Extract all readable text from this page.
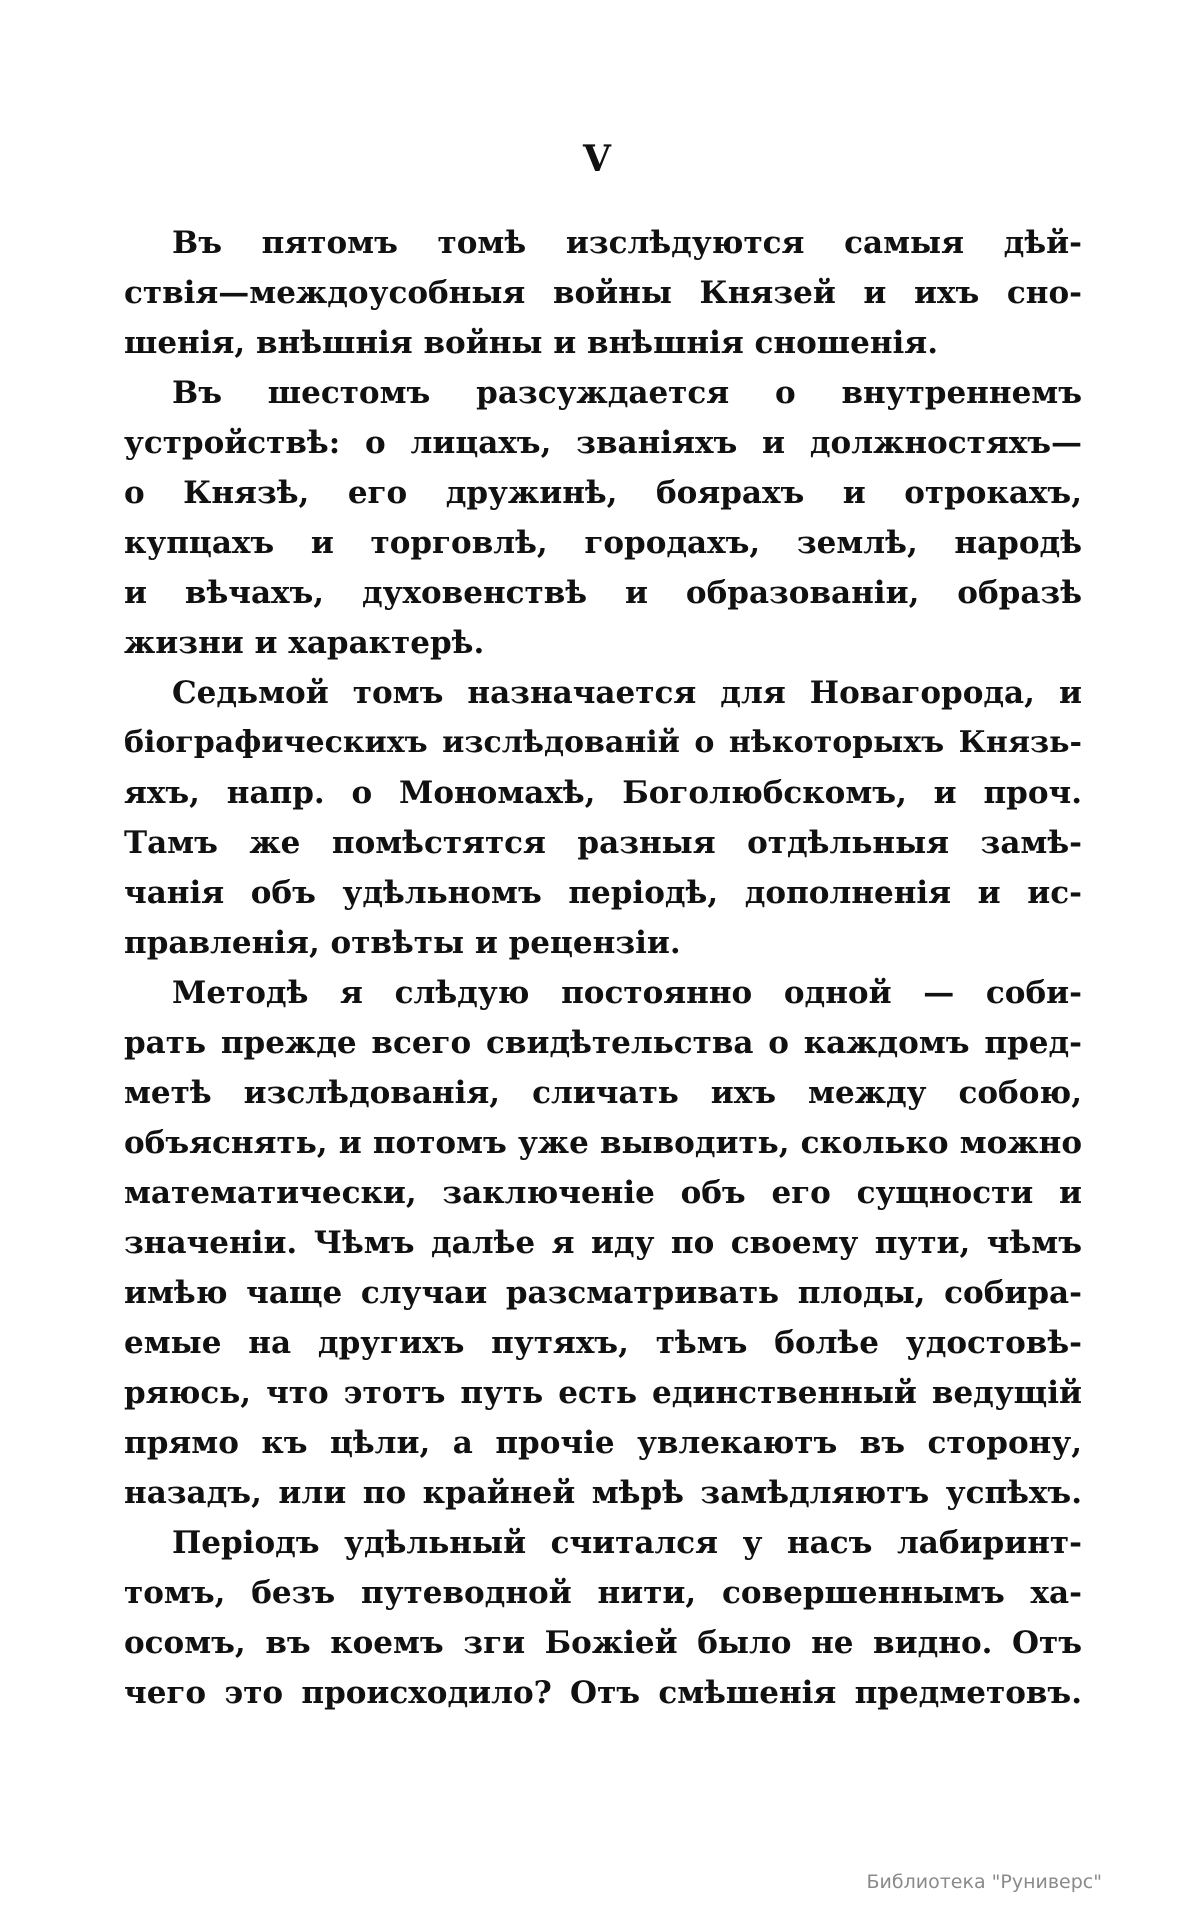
V
Въ пятомъ томѣ изслѣдуются самыя дѣй-
ствія—междоусобныя войны Князей и ихъ сно-
шенія, внѣшнія войны и внѣшнія сношенія.
Въ шестомъ разсуждается о внутреннемъ
устройствѣ: о лицахъ, званіяхъ и должностяхъ—
о Князѣ, его дружинѣ, боярахъ и отрокахъ,
купцахъ и торговлѣ, городахъ, землѣ, народѣ
и вѣчахъ, духовенствѣ и образованіи, образѣ
жизни и характерѣ.
Седьмой томъ назначается для Новагорода, и
біографическихъ изслѣдованій о нѣкоторыхъ Князь-
яхъ, напр. о Мономахѣ, Боголюбскомъ, и проч.
Тамъ же помѣстятся разныя отдѣльныя замѣ-
чанія объ удѣльномъ періодѣ, дополненія и ис-
правленія, отвѣты и рецензіи.
Методѣ я слѣдую постоянно одной — соби-
рать прежде всего свидѣтельства о каждомъ пред-
метѣ изслѣдованія, сличать ихъ между собою,
объяснять, и потомъ уже выводить, сколько можно
математически, заключеніе объ его сущности и
значеніи. Чѣмъ далѣе я иду по своему пути, чѣмъ
имѣю чаще случаи разсматривать плоды, собира-
емые на другихъ путяхъ, тѣмъ болѣе удостовѣ-
ряюсь, что этотъ путь есть единственный ведущій
прямо къ цѣли, а прочіе увлекаютъ въ сторону,
назадъ, или по крайней мѣрѣ замѣдляютъ успѣхъ.
Періодъ удѣльный считался у насъ лабиринт-
томъ, безъ путеводной нити, совершеннымъ ха-
осомъ, въ коемъ зги Божіей было не видно. Отъ
чего это происходило? Отъ смѣшенія предметовъ.
Библиотека "Руниверс"
